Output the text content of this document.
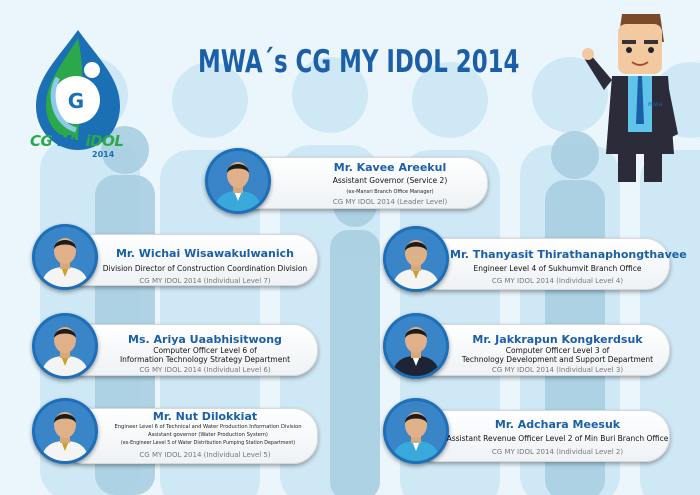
G
CG My iDOL
2014
MWA´s CG MY IDOL 2014
mwa
Mr. Kavee Areekul
Assistant Governor (Service 2)
(ex-Mansri Branch Office Manager)
CG MY IDOL 2014 (Leader Level)
Mr. Wichai Wisawakulwanich
Division Director of Construction Coordination Division
CG MY IDOL 2014 (Individual Level 7)
Mr. Thanyasit Thirathanaphongthavee
Engineer Level 4 of Sukhumvit Branch Office
CG MY IDOL 2014 (Individual Level 4)
Ms. Ariya Uaabhisitwong
Computer Officer Level 6 of
Information Technology Strategy Department
CG MY IDOL 2014 (Individual Level 6)
Mr. Jakkrapun Kongkerdsuk
Computer Officer Level 3 of
Technology Development and Support Department
CG MY IDOL 2014 (Individual Level 3)
Mr. Nut Dilokkiat
Engineer Level 6 of Technical and Water Production Information Division
Assistant governor (Water Production System)
(ex-Engineer Level 5 of Water Distribution Pumping Station Department)
CG MY IDOL 2014 (Individual Level 5)
Mr. Adchara Meesuk
Assistant Revenue Officer Level 2 of Min Buri Branch Office
CG MY IDOL 2014 (Individual Level 2)
